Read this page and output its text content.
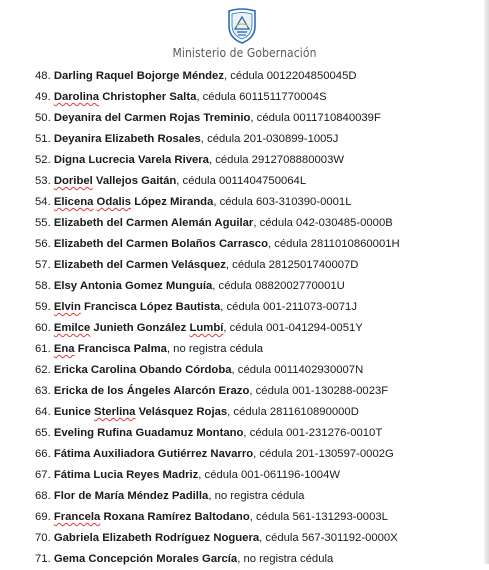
Ministerio de Gobernación
48. Darling Raquel Bojorge Méndez, cédula 0012204850045D
49. Darolina Christopher Salta, cédula 6011511770004S
50. Deyanira del Carmen Rojas Treminio, cédula 0011710840039F
51. Deyanira Elizabeth Rosales, cédula 201-030899-1005J
52. Digna Lucrecia Varela Rivera, cédula 2912708880003W
53. Doribel Vallejos Gaitán, cédula 0011404750064L
54. Elicena Odalis López Miranda, cédula 603-310390-0001L
55. Elizabeth del Carmen Alemán Aguilar, cédula 042-030485-0000B
56. Elizabeth del Carmen Bolaños Carrasco, cédula 2811010860001H
57. Elizabeth del Carmen Velásquez, cédula 2812501740007D
58. Elsy Antonia Gomez Munguía, cédula 0882002770001U
59. Elvin Francisca López Bautista, cédula 001-211073-0071J
60. Emilce Junieth González Lumbí, cédula 001-041294-0051Y
61. Ena Francisca Palma, no registra cédula
62. Ericka Carolina Obando Córdoba, cédula 0011402930007N
63. Ericka de los Ángeles Alarcón Erazo, cédula 001-130288-0023F
64. Eunice Sterlina Velásquez Rojas, cédula 2811610890000D
65. Eveling Rufina Guadamuz Montano, cédula 001-231276-0010T
66. Fátima Auxiliadora Gutiérrez Navarro, cédula 201-130597-0002G
67. Fátima Lucia Reyes Madriz, cédula 001-061196-1004W
68. Flor de María Méndez Padilla, no registra cédula
69. Francela Roxana Ramírez Baltodano, cédula 561-131293-0003L
70. Gabriela Elizabeth Rodríguez Noguera, cédula 567-301192-0000X
71. Gema Concepción Morales García, no registra cédula
